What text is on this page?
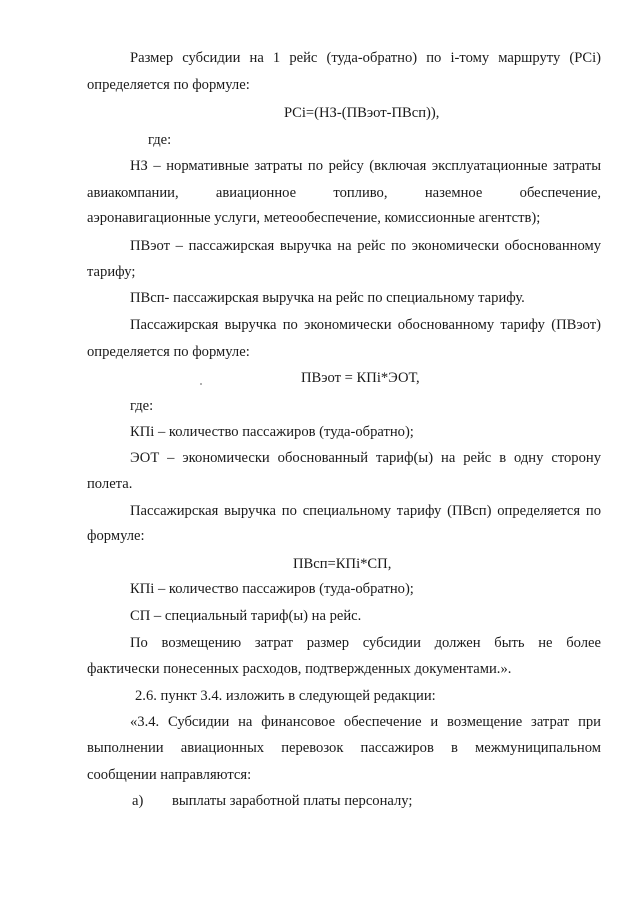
Размер субсидии на 1 рейс (туда-обратно) по i-тому маршруту (PCi)
определяется по формуле:
PCi=(НЗ-(ПВэот-ПВсп)),
где:
НЗ – нормативные затраты по рейсу (включая эксплуатационные затраты
авиакомпании, авиационное топливо, наземное обеспечение,
аэронавигационные услуги, метеообеспечение, комиссионные агентств);
ПВэот – пассажирская выручка на рейс по экономически обоснованному
тарифу;
ПВсп- пассажирская выручка на рейс по специальному тарифу.
Пассажирская выручка по экономически обоснованному тарифу (ПВэот)
определяется по формуле:
ПВэот = КПi*ЭОТ,
где:
КПi – количество пассажиров (туда-обратно);
ЭОТ – экономически обоснованный тариф(ы) на рейс в одну сторону
полета.
Пассажирская выручка по специальному тарифу (ПВсп) определяется по
формуле:
ПВсп=КПi*СП,
КПi – количество пассажиров (туда-обратно);
СП – специальный тариф(ы) на рейс.
По возмещению затрат размер субсидии должен быть не более
фактически понесенных расходов, подтвержденных документами.».
2.6. пункт 3.4. изложить в следующей редакции:
«3.4. Субсидии на финансовое обеспечение и возмещение затрат при
выполнении авиационных перевозок пассажиров в межмуниципальном
сообщении направляются:
а) выплаты заработной платы персоналу;
